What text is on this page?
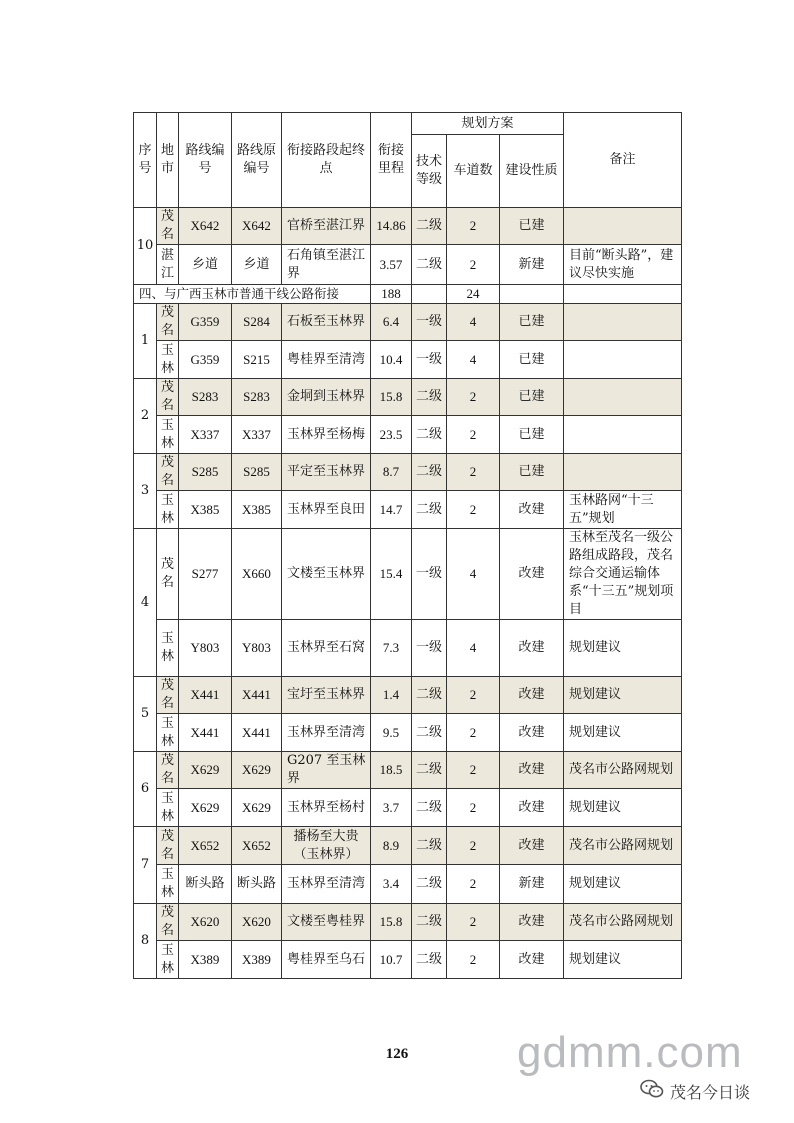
序号	地市	路线编号	路线原编号	衔接路段起终点	衔接里程	规划方案			备注
						技术等级	车道数	建设性质	
10	茂名	X642	X642	官桥至湛江界	14.86	二级	2	已建	
	湛江	乡道	乡道	石角镇至湛江界	3.57	二级	2	新建	目前“断头路”，建议尽快实施
四、与广西玉林市普通干线公路衔接					188		24		
1	茂名	G359	S284	石板至玉林界	6.4	一级	4	已建	
	玉林	G359	S215	粤桂界至清湾	10.4	一级	4	已建	
2	茂名	S283	S283	金垌到玉林界	15.8	二级	2	已建	
	玉林	X337	X337	玉林界至杨梅	23.5	二级	2	已建	
3	茂名	S285	S285	平定至玉林界	8.7	二级	2	已建	
	玉林	X385	X385	玉林界至良田	14.7	二级	2	改建	玉林路网“十三五”规划
4	茂名	S277	X660	文楼至玉林界	15.4	一级	4	改建	玉林至茂名一级公路组成路段，茂名综合交通运输体系“十三五”规划项目
	玉林	Y803	Y803	玉林界至石窝	7.3	一级	4	改建	规划建议
5	茂名	X441	X441	宝圩至玉林界	1.4	二级	2	改建	规划建议
	玉林	X441	X441	玉林界至清湾	9.5	二级	2	改建	规划建议
6	茂名	X629	X629	G207 至玉林界	18.5	二级	2	改建	茂名市公路网规划
	玉林	X629	X629	玉林界至杨村	3.7	二级	2	改建	规划建议
7	茂名	X652	X652	播杨至大贵（玉林界）	8.9	二级	2	改建	茂名市公路网规划
	玉林	断头路	断头路	玉林界至清湾	3.4	二级	2	新建	规划建议
8	茂名	X620	X620	文楼至粤桂界	15.8	二级	2	改建	茂名市公路网规划
	玉林	X389	X389	粤桂界至乌石	10.7	二级	2	改建	规划建议
gdmm.com
126
茂名今日谈
